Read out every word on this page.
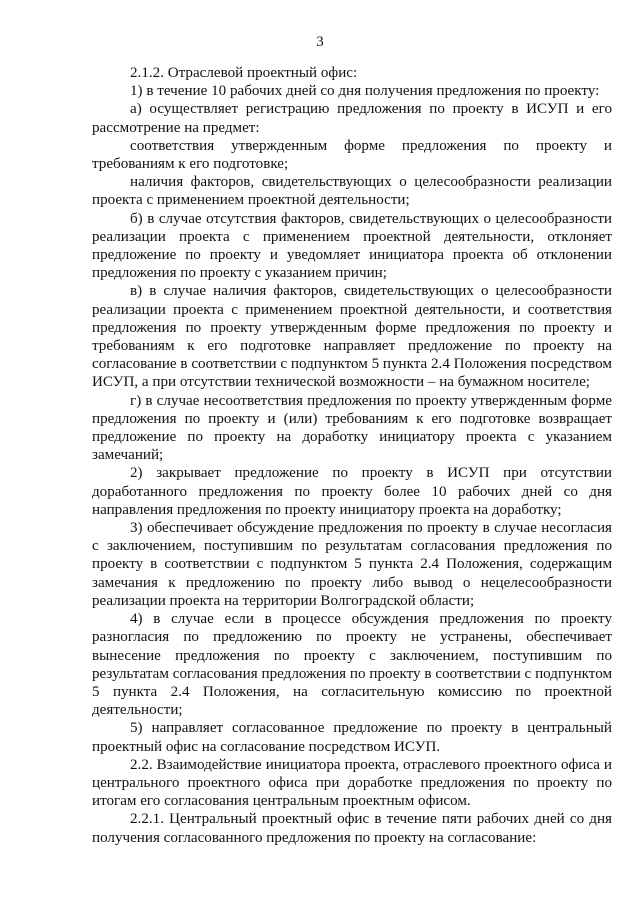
3

2.1.2. Отраслевой проектный офис:

1) в течение 10 рабочих дней со дня получения предложения по проекту:

а) осуществляет регистрацию предложения по проекту в ИСУП и его рассмотрение на предмет:

соответствия утвержденным форме предложения по проекту и требованиям к его подготовке;

наличия факторов, свидетельствующих о целесообразности реализации проекта с применением проектной деятельности;

б) в случае отсутствия факторов, свидетельствующих о целесообразности реализации проекта с применением проектной деятельности, отклоняет предложение по проекту и уведомляет инициатора проекта об отклонении предложения по проекту с указанием причин;

в) в случае наличия факторов, свидетельствующих о целесообразности реализации проекта с применением проектной деятельности, и соответствия предложения по проекту утвержденным форме предложения по проекту и требованиям к его подготовке направляет предложение по проекту на согласование в соответствии с подпунктом 5 пункта 2.4 Положения посредством ИСУП, а при отсутствии технической возможности – на бумажном носителе;

г) в случае несоответствия предложения по проекту утвержденным форме предложения по проекту и (или) требованиям к его подготовке возвращает предложение по проекту на доработку инициатору проекта с указанием замечаний;

2) закрывает предложение по проекту в ИСУП при отсутствии доработанного предложения по проекту более 10 рабочих дней со дня направления предложения по проекту инициатору проекта на доработку;

3) обеспечивает обсуждение предложения по проекту в случае несогласия с заключением, поступившим по результатам согласования предложения по проекту в соответствии с подпунктом 5 пункта 2.4 Положения, содержащим замечания к предложению по проекту либо вывод о нецелесообразности реализации проекта на территории Волгоградской области;

4) в случае если в процессе обсуждения предложения по проекту разногласия по предложению по проекту не устранены, обеспечивает вынесение предложения по проекту с заключением, поступившим по результатам согласования предложения по проекту в соответствии с подпунктом 5 пункта 2.4 Положения, на согласительную комиссию по проектной деятельности;

5) направляет согласованное предложение по проекту в центральный проектный офис на согласование посредством ИСУП.

2.2. Взаимодействие инициатора проекта, отраслевого проектного офиса и центрального проектного офиса при доработке предложения по проекту по итогам его согласования центральным проектным офисом.

2.2.1. Центральный проектный офис в течение пяти рабочих дней со дня получения согласованного предложения по проекту на согласование:
